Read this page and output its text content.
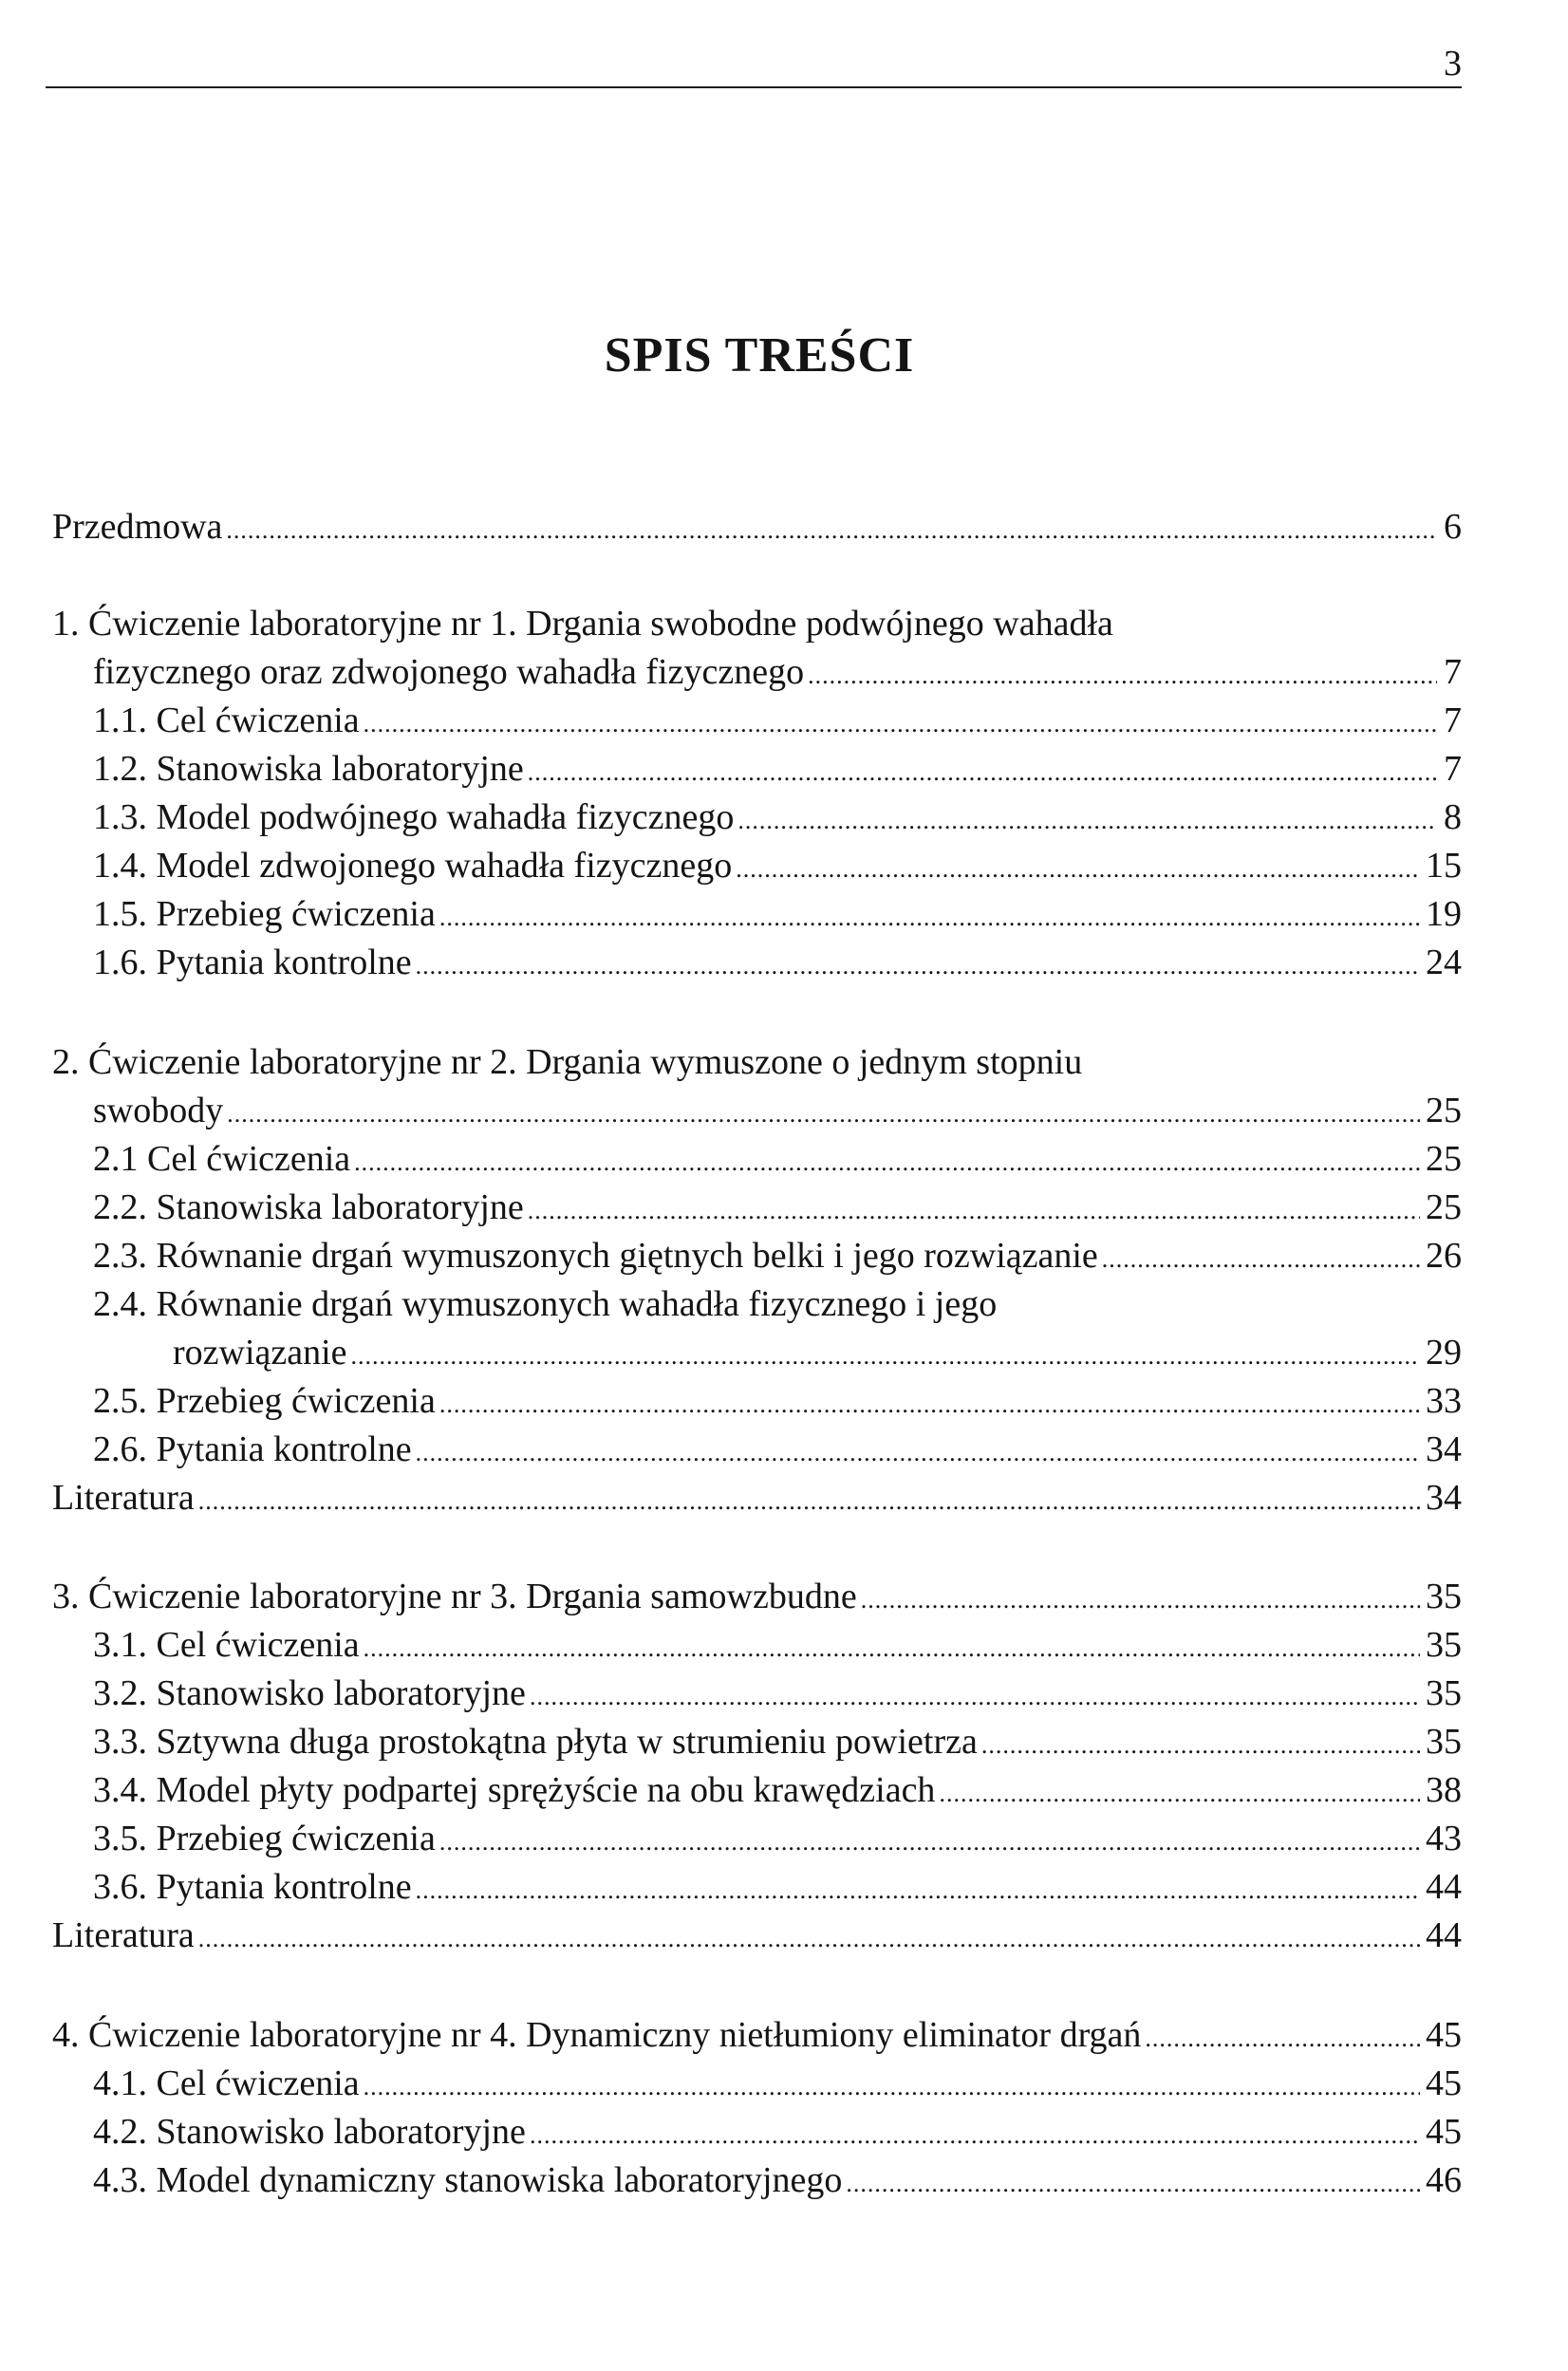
3
SPIS TREŚCI
Przedmowa .....	6
1. Ćwiczenie laboratoryjne nr 1. Drgania swobodne podwójnego wahadła
fizycznego oraz zdwojonego wahadła fizycznego .....	7
1.1. Cel ćwiczenia .....	7
1.2. Stanowiska laboratoryjne .....	7
1.3. Model podwójnego wahadła fizycznego .....	8
1.4. Model zdwojonego wahadła fizycznego .....	15
1.5. Przebieg ćwiczenia .....	19
1.6. Pytania kontrolne .....	24
2. Ćwiczenie laboratoryjne nr 2. Drgania wymuszone o jednym stopniu
swobody .....	25
2.1 Cel ćwiczenia .....	25
2.2. Stanowiska laboratoryjne .....	25
2.3. Równanie drgań wymuszonych giętnych belki i jego rozwiązanie .....	26
2.4. Równanie drgań wymuszonych wahadła fizycznego i jego
rozwiązanie .....	29
2.5. Przebieg ćwiczenia .....	33
2.6. Pytania kontrolne .....	34
Literatura .....	34
3. Ćwiczenie laboratoryjne nr 3. Drgania samowzbudne .....	35
3.1. Cel ćwiczenia .....	35
3.2. Stanowisko laboratoryjne .....	35
3.3. Sztywna długa prostokątna płyta w strumieniu powietrza .....	35
3.4. Model płyty podpartej sprężyście na obu krawędziach .....	38
3.5. Przebieg ćwiczenia .....	43
3.6. Pytania kontrolne .....	44
Literatura .....	44
4. Ćwiczenie laboratoryjne nr 4. Dynamiczny nietłumiony eliminator drgań .....	45
4.1. Cel ćwiczenia .....	45
4.2. Stanowisko laboratoryjne .....	45
4.3. Model dynamiczny stanowiska laboratoryjnego .....	46
